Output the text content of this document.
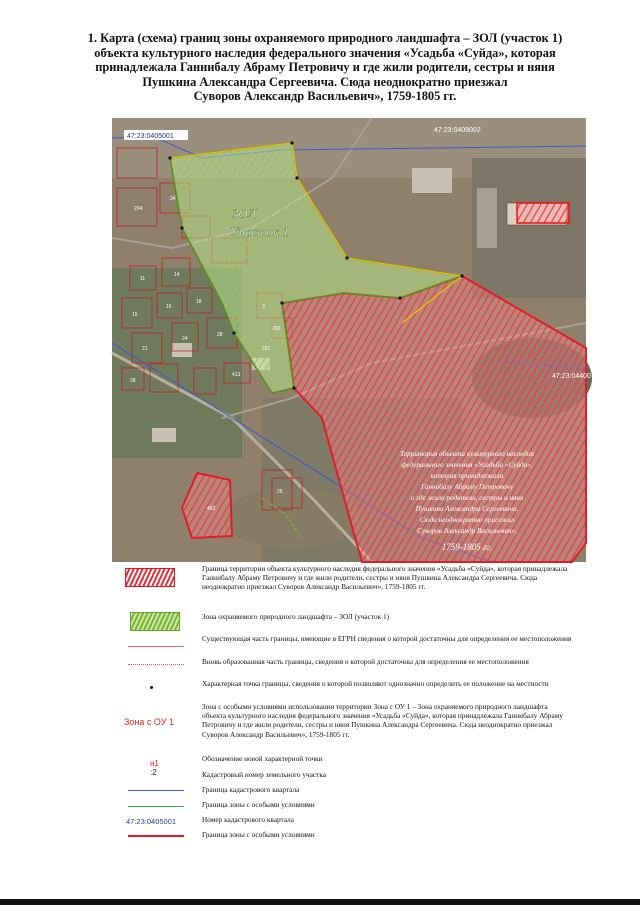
1. Карта (схема) границ зоны охраняемого природного ландшафта – ЗОЛ (участок 1)
объекта культурного наследия федерального значения «Усадьба «Суйда», которая
принадлежала Ганнибалу Абраму Петровичу и где жили родители, сестры и няня
Пушкина Александра Сергеевича. Сюда неоднократно приезжал
Суворов Александр Васильевич», 1759-1805 гг.
47:23:0405001
47:23:0409002
47:23:04400
204
34
11
14
15
16
18
21
24
28
28
413
3
260
261
462
26
ЗОЛ
Участок 1
Территория объекта культурного наследия
федерального значения «Усадьба «Суйда»,
которая принадлежала
Ганнибалу Абраму Петровичу
и где жили родители, сестры и няня
Пушкина Александра Сергеевича.
Сюда неоднократно приезжал
Суворов Александр Васильевич»,
1759-1805 гг.
Граница территории объекта культурного наследия федерального значения «Усадьба «Суйда», которая принадлежала Ганнибалу Абраму Петровичу и где жили родители, сестры и няня Пушкина Александра Сергеевича. Сюда неоднократно приезжал Суворов Александр Васильевич», 1759-1805 гг.
Зона охраняемого природного ландшафта – ЗОЛ (участок 1)
Существующая часть границы, имеющие в ЕГРН сведения о которой достаточны для определения ее местоположения
Вновь образованная часть границы, сведения о которой достаточны для определения ее местоположения
Характерная точка границы, сведения о которой позволяют однозначно определить ее положение на местности
Зона с ОУ 1
Зона с особыми условиями использования территории Зона с ОУ 1 – Зона охраняемого природного ландшафта объекта культурного наследия федерального значения «Усадьба «Суйда», которая принадлежала Ганнибалу Абраму Петровичу и где жили родители, сестры и няня Пушкина Александра Сергеевича. Сюда неоднократно приезжал Суворов Александр Васильевич», 1759-1805 гг.
н1
Обозначение новой характерной точки
:2	Кадастровый номер земельного участка
Граница кадастрового квартала
Граница зоны с особыми условиями
47:23:0405001	Номер кадастрового квартала
Граница зоны с особыми условиями
